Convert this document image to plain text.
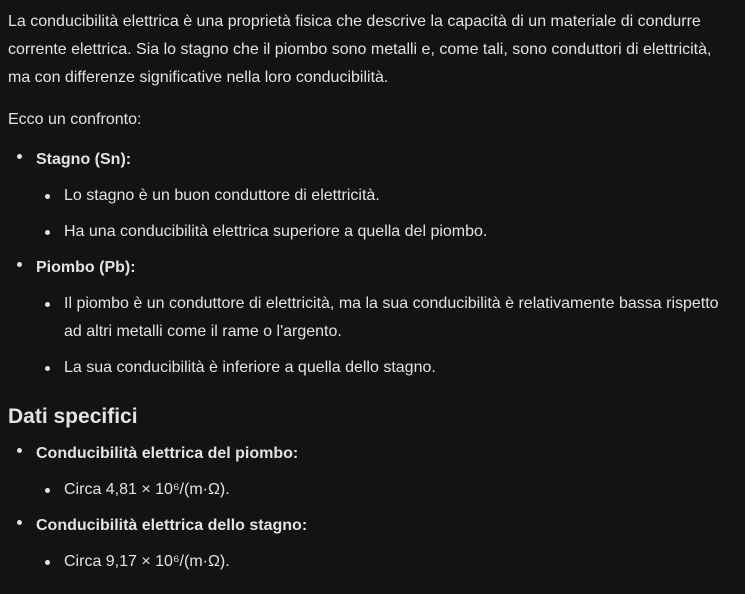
La conducibilità elettrica è una proprietà fisica che descrive la capacità di un materiale di condurre corrente elettrica. Sia lo stagno che il piombo sono metalli e, come tali, sono conduttori di elettricità, ma con differenze significative nella loro conducibilità.

Ecco un confronto:

Stagno (Sn):
Lo stagno è un buon conduttore di elettricità.
Ha una conducibilità elettrica superiore a quella del piombo.
Piombo (Pb):
Il piombo è un conduttore di elettricità, ma la sua conducibilità è relativamente bassa rispetto ad altri metalli come il rame o l'argento.
La sua conducibilità è inferiore a quella dello stagno.
Dati specifici
Conducibilità elettrica del piombo:
Circa 4,81 × 10⁶/(m·Ω).
Conducibilità elettrica dello stagno:
Circa 9,17 × 10⁶/(m·Ω).
